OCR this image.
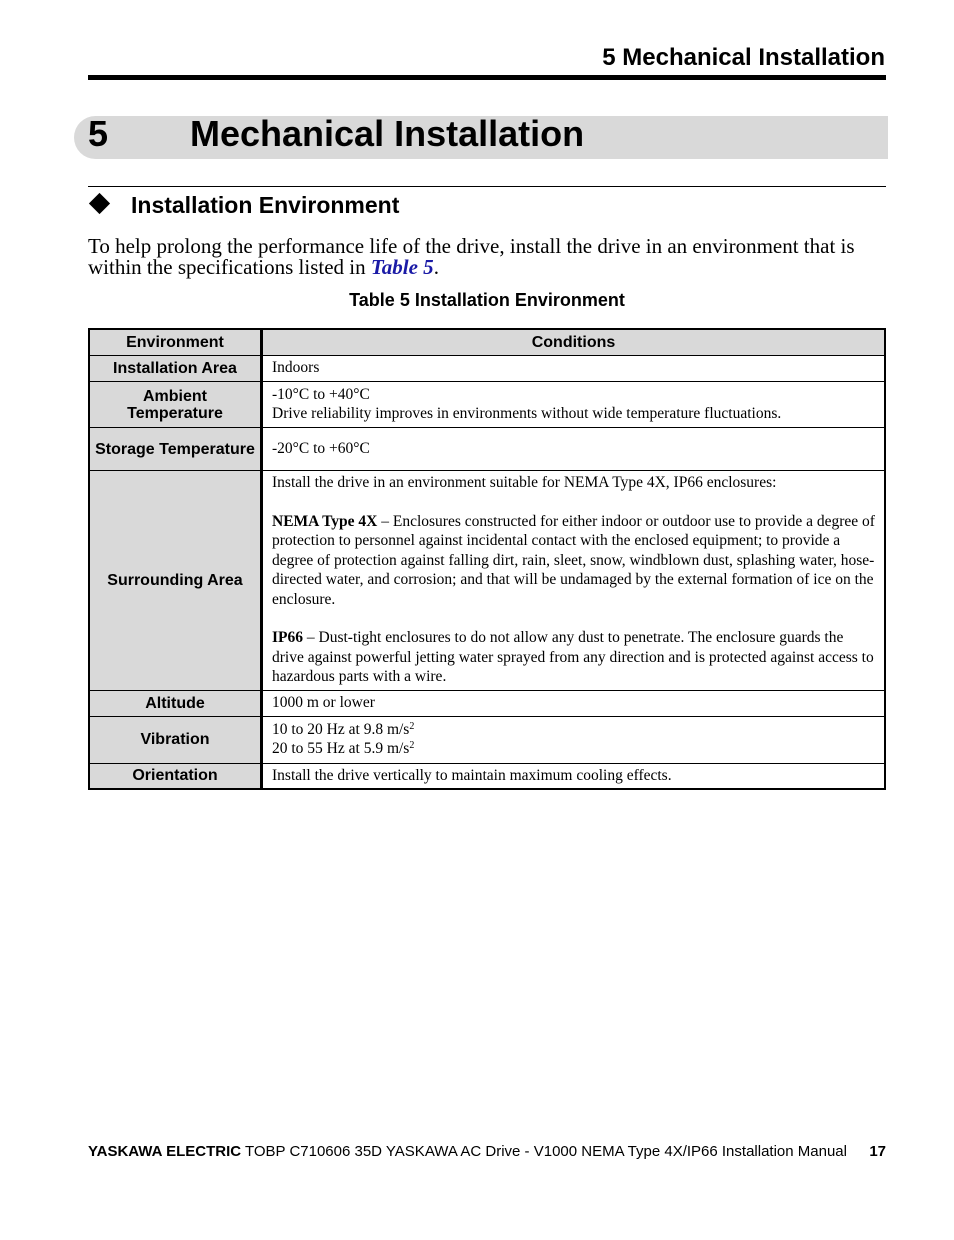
5 Mechanical Installation
5 Mechanical Installation
Installation Environment
To help prolong the performance life of the drive, install the drive in an environment that is within the specifications listed in Table 5.
Table 5 Installation Environment
Environment	Conditions
Installation Area	Indoors
Ambient Temperature	-10°C to +40°C

Drive reliability improves in environments without wide temperature fluctuations.

Storage Temperature	-20°C to +60°C
Surrounding Area	Install the drive in an environment suitable for NEMA Type 4X, IP66 enclosures:

NEMA Type 4X – Enclosures constructed for either indoor or outdoor use to provide a degree of protection to personnel against incidental contact with the enclosed equipment; to provide a degree of protection against falling dirt, rain, sleet, snow, windblown dust, splashing water, hose-directed water, and corrosion; and that will be undamaged by the external formation of ice on the enclosure.

IP66 – Dust-tight enclosures to do not allow any dust to penetrate. The enclosure guards the drive against powerful jetting water sprayed from any direction and is protected against access to hazardous parts with a wire.

Altitude	1000 m or lower
Vibration	10 to 20 Hz at 9.8 $m/s^2$

20 to 55 Hz at 5.9 $m/s^2$

Orientation	Install the drive vertically to maintain maximum cooling effects.
YASKAWA ELECTRIC TOBP C710606 35D YASKAWA AC Drive - V1000 NEMA Type 4X/IP66 Installation Manual 17
